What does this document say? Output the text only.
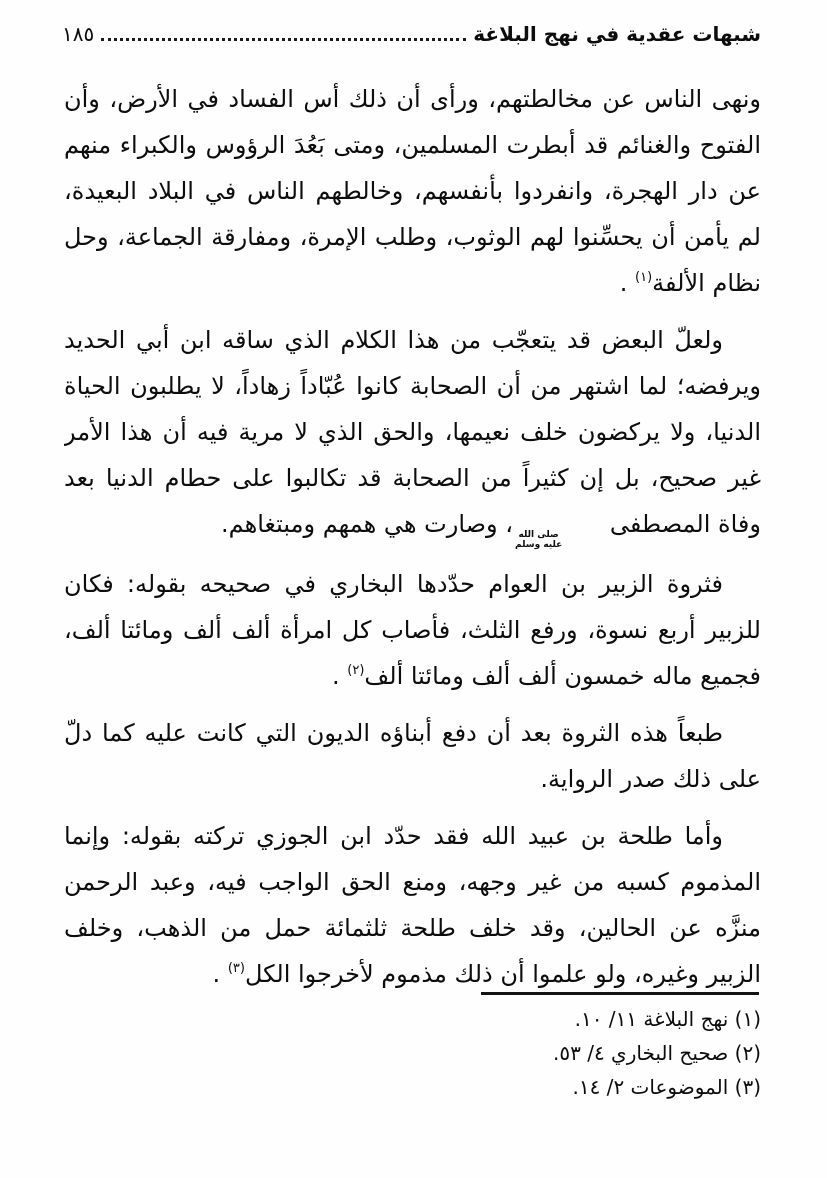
شبهات عقدية في نهج البلاغة
١٨٥

ونهى الناس عن مخالطتهم، ورأى أن ذلك أس الفساد في الأرض، وأن الفتوح والغنائم قد أبطرت المسلمين، ومتى بَعُدَ الرؤوس والكبراء منهم عن دار الهجرة، وانفردوا بأنفسهم، وخالطهم الناس في البلاد البعيدة، لم يأمن أن يحسِّنوا لهم الوثوب، وطلب الإمرة، ومفارقة الجماعة، وحل نظام الألفة$^{(١)}$ .

ولعلّ البعض قد يتعجّب من هذا الكلام الذي ساقه ابن أبي الحديد ويرفضه؛ لما اشتهر من أن الصحابة كانوا عُبّاداً زهاداً، لا يطلبون الحياة الدنيا، ولا يركضون خلف نعيمها، والحق الذي لا مرية فيه أن هذا الأمر غير صحيح، بل إن كثيراً من الصحابة قد تكالبوا على حطام الدنيا بعد وفاة المصطفى
صلى الله
عليه وسلم
، وصارت هي همهم ومبتغاهم.

فثروة الزبير بن العوام حدّدها البخاري في صحيحه بقوله: فكان للزبير أربع نسوة، ورفع الثلث، فأصاب كل امرأة ألف ألف ومائتا ألف، فجميع ماله خمسون ألف ألف ومائتا ألف$^{(٢)}$ .

طبعاً هذه الثروة بعد أن دفع أبناؤه الديون التي كانت عليه كما دلّ على ذلك صدر الرواية.

وأما طلحة بن عبيد الله فقد حدّد ابن الجوزي تركته بقوله: وإنما المذموم كسبه من غير وجهه، ومنع الحق الواجب فيه، وعبد الرحمن منزَّه عن الحالين، وقد خلف طلحة ثلثمائة حمل من الذهب، وخلف الزبير وغيره، ولو علموا أن ذلك مذموم لأخرجوا الكل$^{(٣)}$ .

(١) نهج البلاغة ١١/ ١٠.
(٢) صحيح البخاري ٤/ ٥٣.
(٣) الموضوعات ٢/ ١٤.
